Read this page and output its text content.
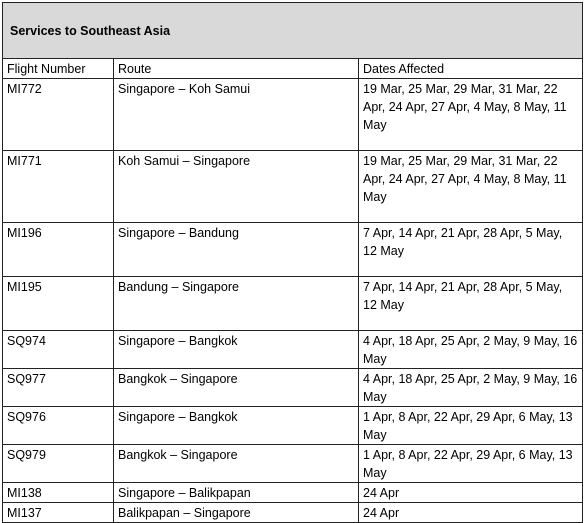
Services to Southeast Asia		
Flight Number	Route	Dates Affected
MI772	Singapore – Koh Samui	19 Mar, 25 Mar, 29 Mar, 31 Mar, 22 Apr, 24 Apr, 27 Apr, 4 May, 8 May, 11 May
MI771	Koh Samui – Singapore	19 Mar, 25 Mar, 29 Mar, 31 Mar, 22 Apr, 24 Apr, 27 Apr, 4 May, 8 May, 11 May
MI196	Singapore – Bandung	7 Apr, 14 Apr, 21 Apr, 28 Apr, 5 May, 12 May
MI195	Bandung – Singapore	7 Apr, 14 Apr, 21 Apr, 28 Apr, 5 May, 12 May
SQ974	Singapore – Bangkok	4 Apr, 18 Apr, 25 Apr, 2 May, 9 May, 16 May
SQ977	Bangkok – Singapore	4 Apr, 18 Apr, 25 Apr, 2 May, 9 May, 16 May
SQ976	Singapore – Bangkok	1 Apr, 8 Apr, 22 Apr, 29 Apr, 6 May, 13 May
SQ979	Bangkok – Singapore	1 Apr, 8 Apr, 22 Apr, 29 Apr, 6 May, 13 May
MI138	Singapore – Balikpapan	24 Apr
MI137	Balikpapan – Singapore	24 Apr
